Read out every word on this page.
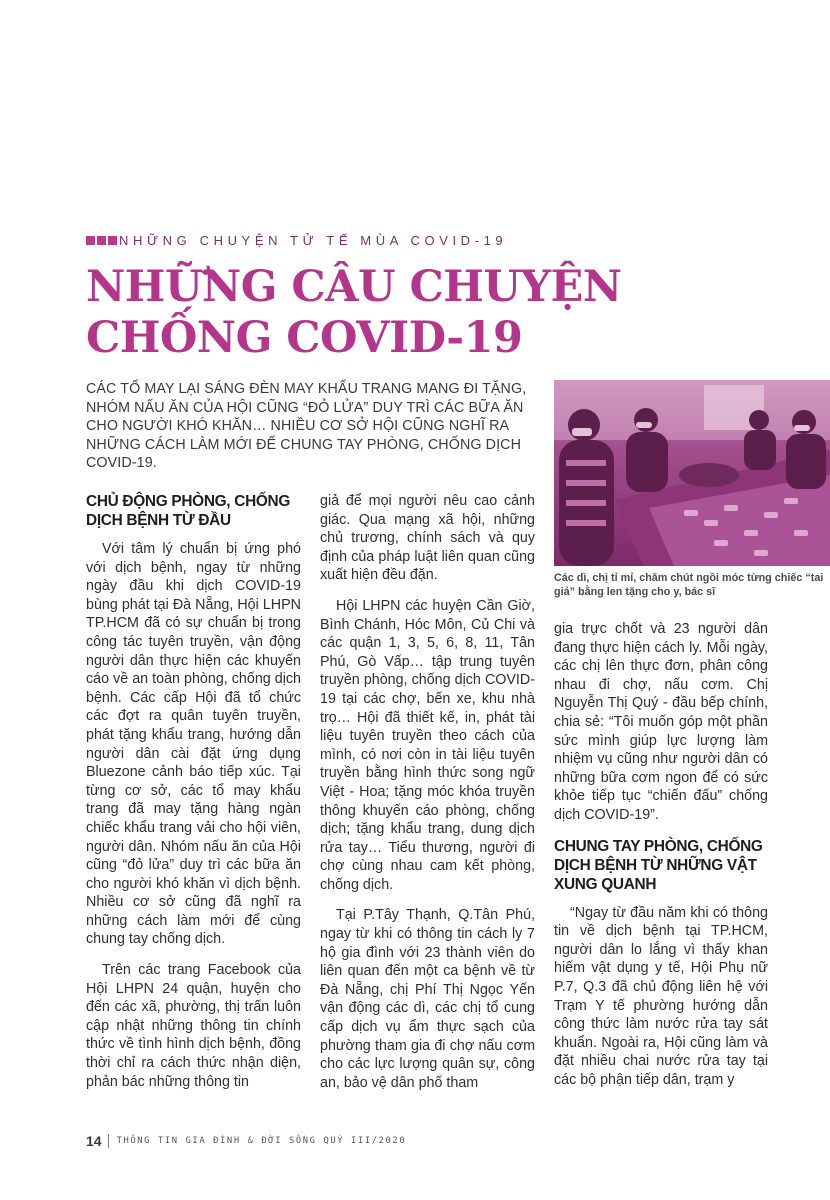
NHỮNG CHUYỆN TỬ TẾ MÙA COVID-19
NHỮNG CÂU CHUYỆN
CHỐNG COVID-19

CÁC TỔ MAY LẠI SÁNG ĐÈN MAY KHẨU TRANG MANG ĐI TẶNG, NHÓM NẤU ĂN CỦA HỘI CŨNG “ĐỎ LỬA” DUY TRÌ CÁC BỮA ĂN CHO NGƯỜI KHÓ KHĂN… NHIỀU CƠ SỞ HỘI CŨNG NGHĨ RA NHỮNG CÁCH LÀM MỚI ĐỂ CHUNG TAY PHÒNG, CHỐNG DỊCH COVID-19.

Các dì, chị tỉ mỉ, chăm chút ngồi móc từng chiếc “tai giả” bằng len tặng cho y, bác sĩ

CHỦ ĐỘNG PHÒNG, CHỐNG DỊCH BỆNH TỪ ĐẦU

Với tâm lý chuẩn bị ứng phó với dịch bệnh, ngay từ những ngày đầu khi dịch COVID-19 bùng phát tại Đà Nẵng, Hội LHPN TP.HCM đã có sự chuẩn bị trong công tác tuyên truyền, vận động người dân thực hiện các khuyến cáo về an toàn phòng, chống dịch bệnh. Các cấp Hội đã tổ chức các đợt ra quân tuyên truyền, phát tặng khẩu trang, hướng dẫn người dân cài đặt ứng dụng Bluezone cảnh báo tiếp xúc. Tại từng cơ sở, các tổ may khẩu trang đã may tặng hàng ngàn chiếc khẩu trang vải cho hội viên, người dân. Nhóm nấu ăn của Hội cũng “đỏ lửa” duy trì các bữa ăn cho người khó khăn vì dịch bệnh. Nhiều cơ sở cũng đã nghĩ ra những cách làm mới để cùng chung tay chống dịch.

Trên các trang Facebook của Hội LHPN 24 quận, huyện cho đến các xã, phường, thị trấn luôn cập nhật những thông tin chính thức về tình hình dịch bệnh, đồng thời chỉ ra cách thức nhận diện, phản bác những thông tin

giả để mọi người nêu cao cảnh giác. Qua mạng xã hội, những chủ trương, chính sách và quy định của pháp luật liên quan cũng xuất hiện đều đặn.

Hội LHPN các huyện Cần Giờ, Bình Chánh, Hóc Môn, Củ Chi và các quận 1, 3, 5, 6, 8, 11, Tân Phú, Gò Vấp… tập trung tuyên truyền phòng, chống dịch COVID-19 tại các chợ, bến xe, khu nhà trọ… Hội đã thiết kế, in, phát tài liệu tuyên truyền theo cách của mình, có nơi còn in tài liệu tuyên truyền bằng hình thức song ngữ Việt - Hoa; tặng móc khóa truyền thông khuyến cáo phòng, chống dịch; tặng khẩu trang, dung dịch rửa tay… Tiểu thương, người đi chợ cùng nhau cam kết phòng, chống dịch.

Tại P.Tây Thạnh, Q.Tân Phú, ngay từ khi có thông tin cách ly 7 hộ gia đình với 23 thành viên do liên quan đến một ca bệnh về từ Đà Nẵng, chị Phí Thị Ngọc Yến vận động các dì, các chị tổ cung cấp dịch vụ ẩm thực sạch của phường tham gia đi chợ nấu cơm cho các lực lượng quân sự, công an, bảo vệ dân phố tham

gia trực chốt và 23 người dân đang thực hiện cách ly. Mỗi ngày, các chị lên thực đơn, phân công nhau đi chợ, nấu cơm. Chị Nguyễn Thị Quý - đầu bếp chính, chia sẻ: “Tôi muốn góp một phần sức mình giúp lực lượng làm nhiệm vụ cũng như người dân có những bữa cơm ngon để có sức khỏe tiếp tục “chiến đấu” chống dịch COVID-19”.

CHUNG TAY PHÒNG, CHỐNG DỊCH BỆNH TỪ NHỮNG VẬT XUNG QUANH

“Ngay từ đầu năm khi có thông tin về dịch bệnh tại TP.HCM, người dân lo lắng vì thấy khan hiếm vật dụng y tế, Hội Phụ nữ P.7, Q.3 đã chủ động liên hệ với Trạm Y tế phường hướng dẫn công thức làm nước rửa tay sát khuẩn. Ngoài ra, Hội cũng làm và đặt nhiều chai nước rửa tay tại các bộ phận tiếp dân, trạm y

14 THÔNG TIN GIA ĐÌNH & ĐỜI SỐNG QUÝ III/2020
